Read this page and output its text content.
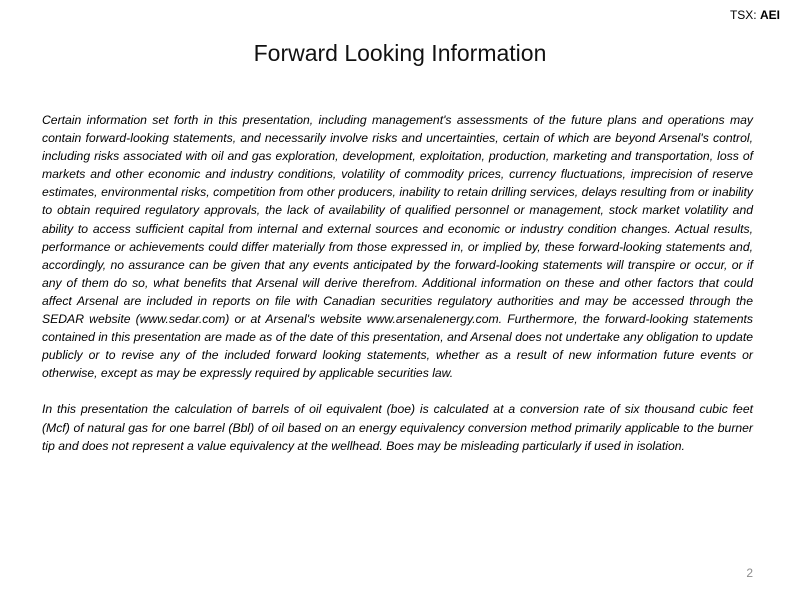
TSX: AEI
Forward Looking Information

Certain information set forth in this presentation, including management's assessments of the future plans and operations may contain forward-looking statements, and necessarily involve risks and uncertainties, certain of which are beyond Arsenal's control, including risks associated with oil and gas exploration, development, exploitation, production, marketing and transportation, loss of markets and other economic and industry conditions, volatility of commodity prices, currency fluctuations, imprecision of reserve estimates, environmental risks, competition from other producers, inability to retain drilling services, delays resulting from or inability to obtain required regulatory approvals, the lack of availability of qualified personnel or management, stock market volatility and ability to access sufficient capital from internal and external sources and economic or industry condition changes. Actual results, performance or achievements could differ materially from those expressed in, or implied by, these forward-looking statements and, accordingly, no assurance can be given that any events anticipated by the forward-looking statements will transpire or occur, or if any of them do so, what benefits that Arsenal will derive therefrom. Additional information on these and other factors that could affect Arsenal are included in reports on file with Canadian securities regulatory authorities and may be accessed through the SEDAR website (www.sedar.com) or at Arsenal's website www.arsenalenergy.com. Furthermore, the forward-looking statements contained in this presentation are made as of the date of this presentation, and Arsenal does not undertake any obligation to update publicly or to revise any of the included forward looking statements, whether as a result of new information future events or otherwise, except as may be expressly required by applicable securities law.

In this presentation the calculation of barrels of oil equivalent (boe) is calculated at a conversion rate of six thousand cubic feet (Mcf) of natural gas for one barrel (Bbl) of oil based on an energy equivalency conversion method primarily applicable to the burner tip and does not represent a value equivalency at the wellhead. Boes may be misleading particularly if used in isolation.

2
